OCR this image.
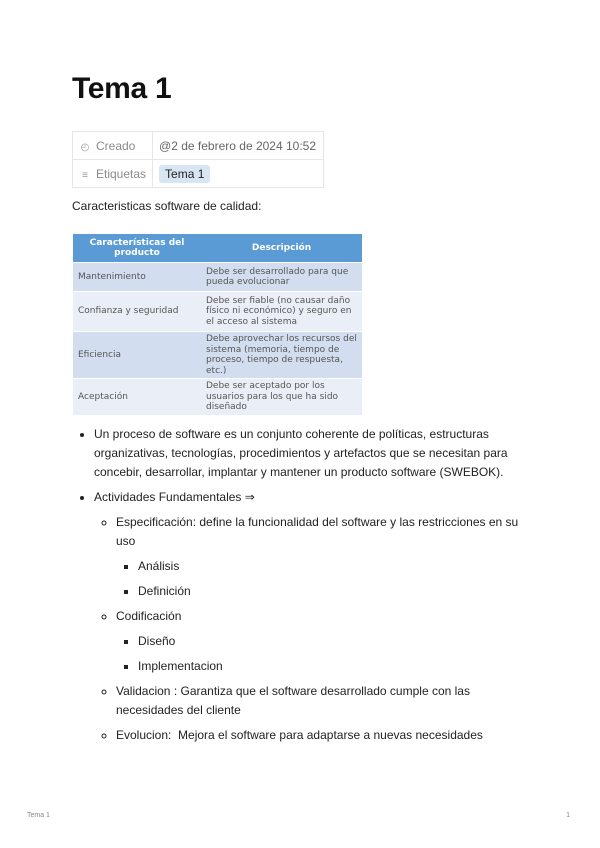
Tema 1
◴ Creado	@2 de febrero de 2024 10:52
≡ Etiquetas	Tema 1

Caracteristicas software de calidad:

Características del producto	Descripción
Mantenimiento	Debe ser desarrollado para que pueda evolucionar
Confianza y seguridad	Debe ser fiable (no causar daño físico ni económico) y seguro en el acceso al sistema
Eficiencia	Debe aprovechar los recursos del sistema (memoria, tiempo de proceso, tiempo de respuesta, etc.)
Aceptación	Debe ser aceptado por los usuarios para los que ha sido diseñado
• Un proceso de software es un conjunto coherente de políticas, estructuras organizativas, tecnologías, procedimientos y artefactos que se necesitan para concebir, desarrollar, implantar y mantener un producto software (SWEBOK).
• Actividades Fundamentales ⇒
◦ Especificación: define la funcionalidad del software y las restricciones en su uso
▪ Análisis
▪ Definición
◦ Codificación
▪ Diseño
▪ Implementacion
◦ Validacion : Garantiza que el software desarrollado cumple con las necesidades del cliente
◦ Evolucion:  Mejora el software para adaptarse a nuevas necesidades
Tema 1	1
